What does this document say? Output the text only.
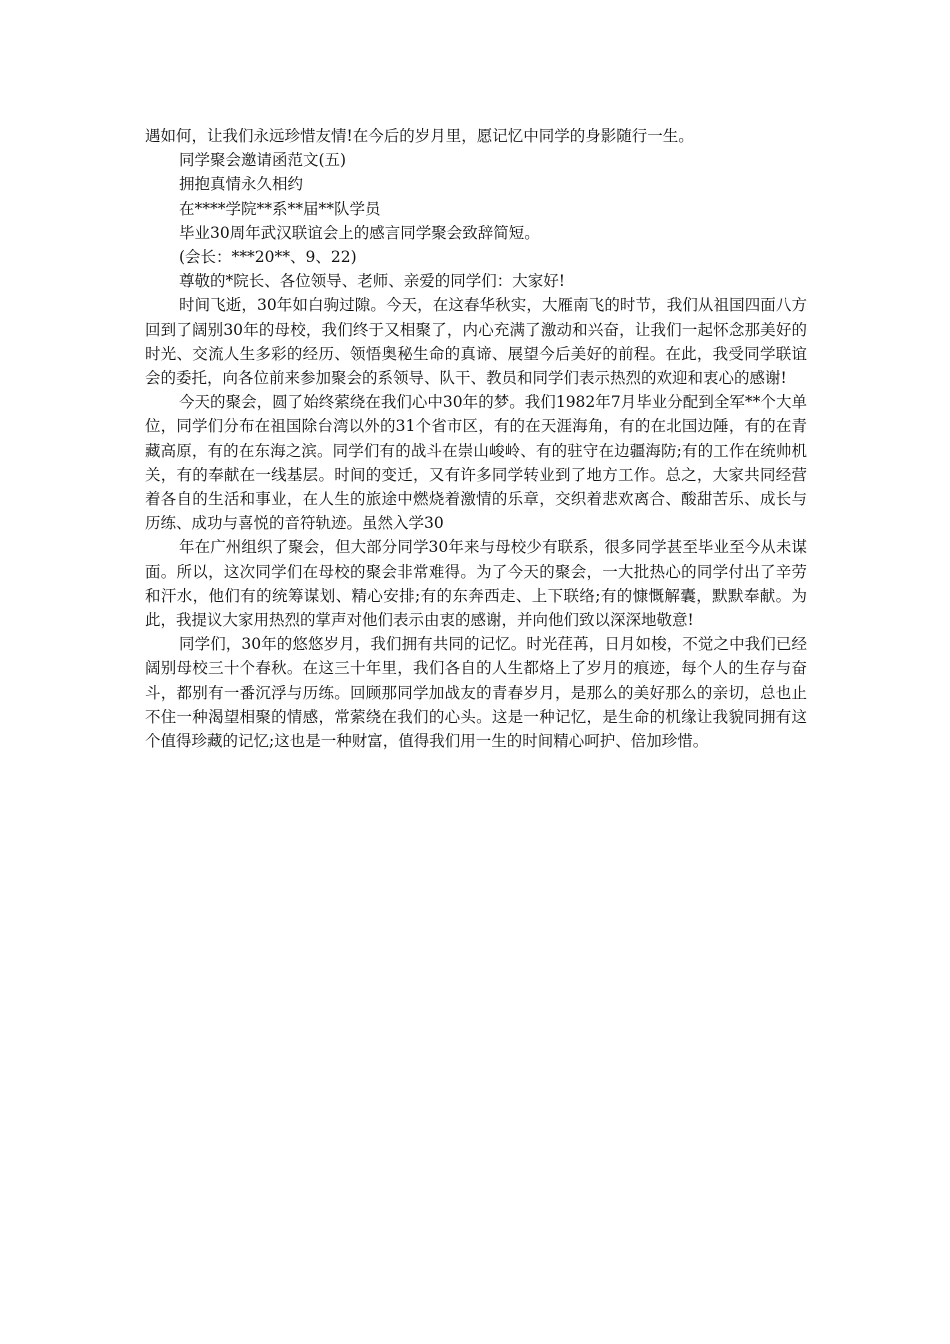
遇如何，让我们永远珍惜友情!在今后的岁月里，愿记忆中同学的身影随行一生。

同学聚会邀请函范文(五)

拥抱真情永久相约

在****学院**系**届**队学员

毕业30周年武汉联谊会上的感言同学聚会致辞简短。

(会长：***20**、9、22)

尊敬的*院长、各位领导、老师、亲爱的同学们：大家好!

时间飞逝，30年如白驹过隙。今天，在这春华秋实，大雁南飞的时节，我们从祖国四面八方回到了阔别30年的母校，我们终于又相聚了，内心充满了激动和兴奋，让我们一起怀念那美好的时光、交流人生多彩的经历、领悟奥秘生命的真谛、展望今后美好的前程。在此，我受同学联谊会的委托，向各位前来参加聚会的系领导、队干、教员和同学们表示热烈的欢迎和衷心的感谢!

今天的聚会，圆了始终萦绕在我们心中30年的梦。我们1982年7月毕业分配到全军**个大单位，同学们分布在祖国除台湾以外的31个省市区，有的在天涯海角，有的在北国边陲，有的在青藏高原，有的在东海之滨。同学们有的战斗在崇山峻岭、有的驻守在边疆海防;有的工作在统帅机关，有的奉献在一线基层。时间的变迁，又有许多同学转业到了地方工作。总之，大家共同经营着各自的生活和事业，在人生的旅途中燃烧着激情的乐章，交织着悲欢离合、酸甜苦乐、成长与历练、成功与喜悦的音符轨迹。虽然入学30

年在广州组织了聚会，但大部分同学30年来与母校少有联系，很多同学甚至毕业至今从未谋面。所以，这次同学们在母校的聚会非常难得。为了今天的聚会，一大批热心的同学付出了辛劳和汗水，他们有的统筹谋划、精心安排;有的东奔西走、上下联络;有的慷慨解囊，默默奉献。为此，我提议大家用热烈的掌声对他们表示由衷的感谢，并向他们致以深深地敬意!

同学们，30年的悠悠岁月，我们拥有共同的记忆。时光荏苒，日月如梭，不觉之中我们已经阔别母校三十个春秋。在这三十年里，我们各自的人生都烙上了岁月的痕迹，每个人的生存与奋斗，都别有一番沉浮与历练。回顾那同学加战友的青春岁月，是那么的美好那么的亲切，总也止不住一种渴望相聚的情感，常萦绕在我们的心头。这是一种记忆，是生命的机缘让我貌同拥有这个值得珍藏的记忆;这也是一种财富，值得我们用一生的时间精心呵护、倍加珍惜。
